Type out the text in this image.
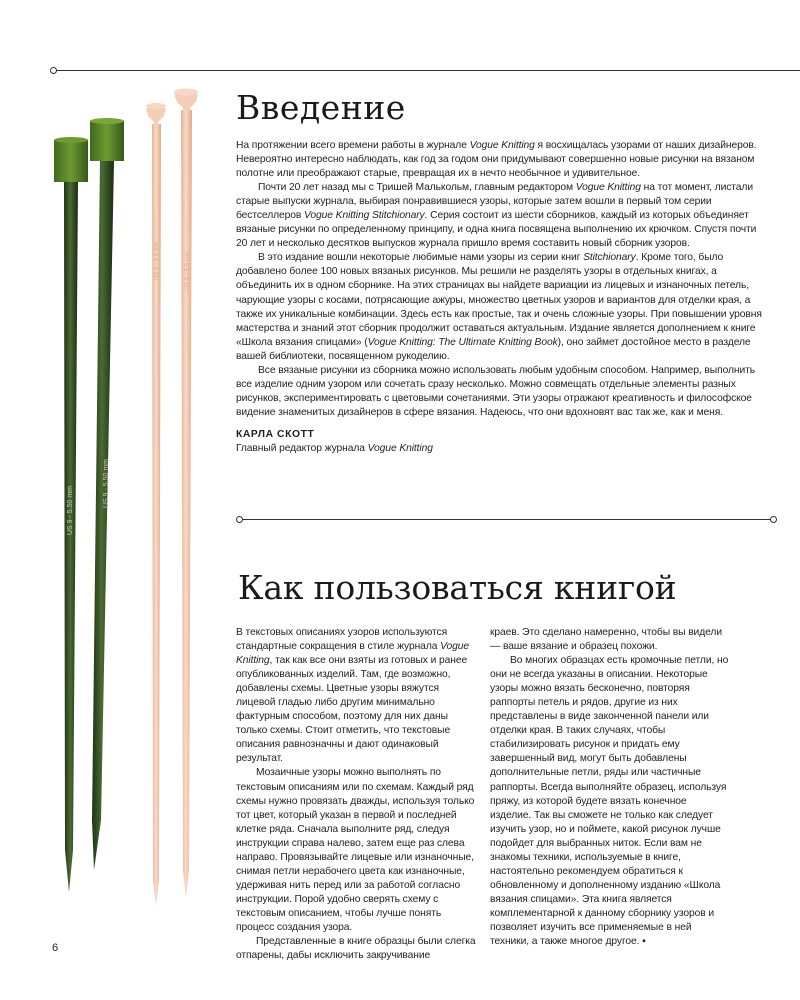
US 9 - 5.50 mm
US 9 - 5.50 mm
US 9 - 5.5 mm	US 9 - 5.5 mm
Введение

На протяжении всего времени работы в журнале Vogue Knitting я восхищалась узорами от наших дизайнеров. Невероятно интересно наблюдать, как год за годом они придумывают совершенно новые рисунки на вязаном полотне или преображают старые, превращая их в нечто необычное и удивительное.

Почти 20 лет назад мы с Тришей Малькольм, главным редактором Vogue Knitting на тот момент, листали старые выпуски журнала, выбирая понравившиеся узоры, которые затем вошли в первый том серии бестселлеров Vogue Knitting Stitchionary. Серия состоит из шести сборников, каждый из которых объединяет вязаные рисунки по определенному принципу, и одна книга посвящена выполнению их крючком. Спустя почти 20 лет и несколько десятков выпусков журнала пришло время составить новый сборник узоров.

В это издание вошли некоторые любимые нами узоры из серии книг Stitchionary. Кроме того, было добавлено более 100 новых вязаных рисунков. Мы решили не разделять узоры в отдельных книгах, а объединить их в одном сборнике. На этих страницах вы найдете вариации из лицевых и изнаночных петель, чарующие узоры с косами, потрясающие ажуры, множество цветных узоров и вариантов для отделки края, а также их уникальные комбинации. Здесь есть как простые, так и очень сложные узоры. При повышении уровня мастерства и знаний этот сборник продолжит оставаться актуальным. Издание является дополнением к книге «Школа вязания спицами» (Vogue Knitting: The Ultimate Knitting Book), оно займет достойное место в разделе вашей библиотеки, посвященном рукоделию.

Все вязаные рисунки из сборника можно использовать любым удобным способом. Например, выполнить все изделие одним узором или сочетать сразу несколько. Можно совмещать отдельные элементы разных рисунков, экспериментировать с цветовыми сочетаниями. Эти узоры отражают креативность и философское видение знаменитых дизайнеров в сфере вязания. Надеюсь, что они вдохновят вас так же, как и меня.

КАРЛА СКОТТ
Главный редактор журнала Vogue Knitting
Как пользоваться книгой

В текстовых описаниях узоров используются стандартные сокращения в стиле журнала Vogue Knitting, так как все они взяты из готовых и ранее опубликованных изделий. Там, где возможно, добавлены схемы. Цветные узоры вяжутся лицевой гладью либо другим минимально фактурным способом, поэтому для них даны только схемы. Стоит отметить, что текстовые описания равнозначны и дают одинаковый результат.

Мозаичные узоры можно выполнять по текстовым описаниям или по схемам. Каждый ряд схемы нужно провязать дважды, используя только тот цвет, который указан в первой и последней клетке ряда. Сначала выполните ряд, следуя инструкции справа налево, затем еще раз слева направо. Провязывайте лицевые или изнаночные, снимая петли нерабочего цвета как изнаночные, удерживая нить перед или за работой согласно инструкции. Порой удобно сверять схему с текстовым описанием, чтобы лучше понять процесс создания узора.

Представленные в книге образцы были слегка отпарены, дабы исключить закручивание

краев. Это сделано намеренно, чтобы вы видели — ваше вязание и образец похожи.

Во многих образцах есть кромочные петли, но они не всегда указаны в описании. Некоторые узоры можно вязать бесконечно, повторяя раппорты петель и рядов, другие из них представлены в виде законченной панели или отделки края. В таких случаях, чтобы стабилизировать рисунок и придать ему завершенный вид, могут быть добавлены дополнительные петли, ряды или частичные раппорты. Всегда выполняйте образец, используя пряжу, из которой будете вязать конечное изделие. Так вы сможете не только как следует изучить узор, но и поймете, какой рисунок лучше подойдет для выбранных ниток. Если вам не знакомы техники, используемые в книге, настоятельно рекомендуем обратиться к обновленному и дополненному изданию «Школа вязания спицами». Эта книга является комплементарной к данному сборнику узоров и позволяет изучить все применяемые в ней техники, а также многое другое. ▪

6
